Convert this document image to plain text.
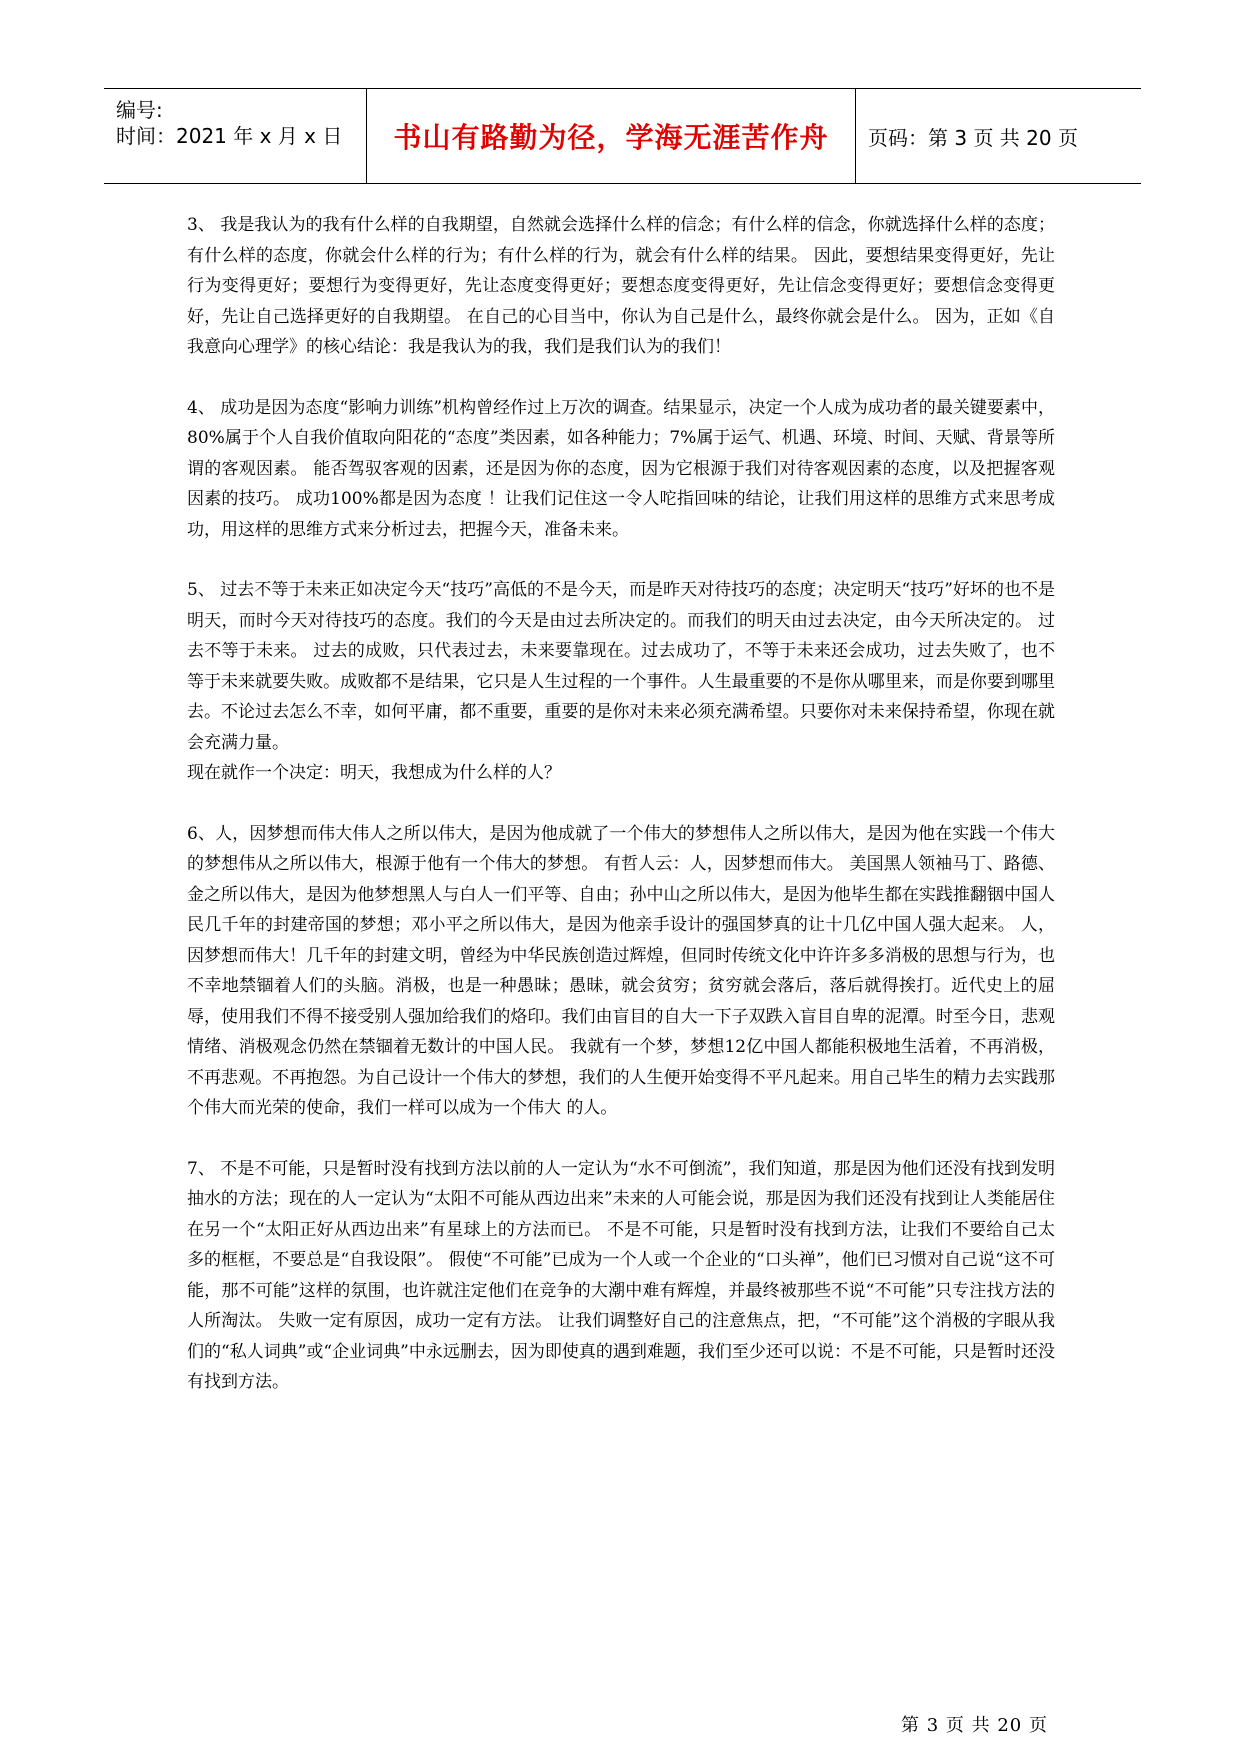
编号:
时间：2021 年 x 月 x 日 书山有路勤为径，学海无涯苦作舟 页码：第 3 页 共 20 页

3、 我是我认为的我有什么样的自我期望，自然就会选择什么样的信念；有什么样的信念，你就选择什么样的态度；有什么样的态度，你就会什么样的行为；有什么样的行为，就会有什么样的结果。 因此，要想结果变得更好，先让行为变得更好；要想行为变得更好，先让态度变得更好；要想态度变得更好，先让信念变得更好；要想信念变得更好，先让自己选择更好的自我期望。 在自己的心目当中，你认为自己是什么，最终你就会是什么。 因为，正如《自我意向心理学》的核心结论：我是我认为的我，我们是我们认为的我们！

4、 成功是因为态度“影响力训练”机构曾经作过上万次的调查。结果显示，决定一个人成为成功者的最关键要素中，80%属于个人自我价值取向阳花的“态度”类因素，如各种能力；7%属于运气、机遇、环境、时间、天赋、背景等所谓的客观因素。 能否驾驭客观的因素，还是因为你的态度，因为它根源于我们对待客观因素的态度，以及把握客观因素的技巧。 成功100%都是因为态度 ！让我们记住这一令人咜指回味的结论，让我们用这样的思维方式来思考成功，用这样的思维方式来分析过去，把握今天，准备未来。

5、 过去不等于未来正如决定今天“技巧”高低的不是今天，而是昨天对待技巧的态度；决定明天“技巧”好坏的也不是明天，而时今天对待技巧的态度。我们的今天是由过去所决定的。而我们的明天由过去决定，由今天所决定的。 过去不等于未来。 过去的成败，只代表过去，未来要靠现在。过去成功了，不等于未来还会成功，过去失败了，也不等于未来就要失败。成败都不是结果，它只是人生过程的一个事件。人生最重要的不是你从哪里来，而是你要到哪里去。不论过去怎么不幸，如何平庸，都不重要，重要的是你对未来必须充满希望。只要你对未来保持希望，你现在就会充满力量。

现在就作一个决定：明天，我想成为什么样的人？

6、人，因梦想而伟大伟人之所以伟大，是因为他成就了一个伟大的梦想伟人之所以伟大，是因为他在实践一个伟大的梦想伟从之所以伟大，根源于他有一个伟大的梦想。 有哲人云：人，因梦想而伟大。 美国黑人领袖马丁、路德、金之所以伟大，是因为他梦想黑人与白人一们平等、自由；孙中山之所以伟大，是因为他毕生都在实践推翻铟中国人民几千年的封建帝国的梦想；邓小平之所以伟大，是因为他亲手设计的强国梦真的让十几亿中国人强大起来。 人，因梦想而伟大！几千年的封建文明，曾经为中华民族创造过辉煌，但同时传统文化中许许多多消极的思想与行为，也不幸地禁锢着人们的头脑。消极，也是一种愚昧；愚昧，就会贫穷；贫穷就会落后，落后就得挨打。近代史上的屈辱，使用我们不得不接受别人强加给我们的烙印。我们由盲目的自大一下子双跌入盲目自卑的泥潭。时至今日，悲观情绪、消极观念仍然在禁锢着无数计的中国人民。 我就有一个梦，梦想12亿中国人都能积极地生活着，不再消极，不再悲观。不再抱怨。为自己设计一个伟大的梦想，我们的人生便开始变得不平凡起来。用自己毕生的精力去实践那个伟大而光荣的使命，我们一样可以成为一个伟大 的人。

7、 不是不可能，只是暂时没有找到方法以前的人一定认为“水不可倒流”，我们知道，那是因为他们还没有找到发明抽水的方法；现在的人一定认为“太阳不可能从西边出来”未来的人可能会说，那是因为我们还没有找到让人类能居住在另一个“太阳正好从西边出来”有星球上的方法而已。 不是不可能，只是暂时没有找到方法，让我们不要给自己太多的框框，不要总是“自我设限”。 假使“不可能”已成为一个人或一个企业的“口头禅”，他们已习惯对自己说“这不可能，那不可能”这样的氛围，也许就注定他们在竞争的大潮中难有辉煌，并最终被那些不说“不可能”只专注找方法的人所淘汰。 失败一定有原因，成功一定有方法。 让我们调整好自己的注意焦点，把，“不可能”这个消极的字眼从我们的“私人词典”或“企业词典”中永远删去，因为即使真的遇到难题，我们至少还可以说：不是不可能，只是暂时还没有找到方法。

第 3 页 共 20 页
